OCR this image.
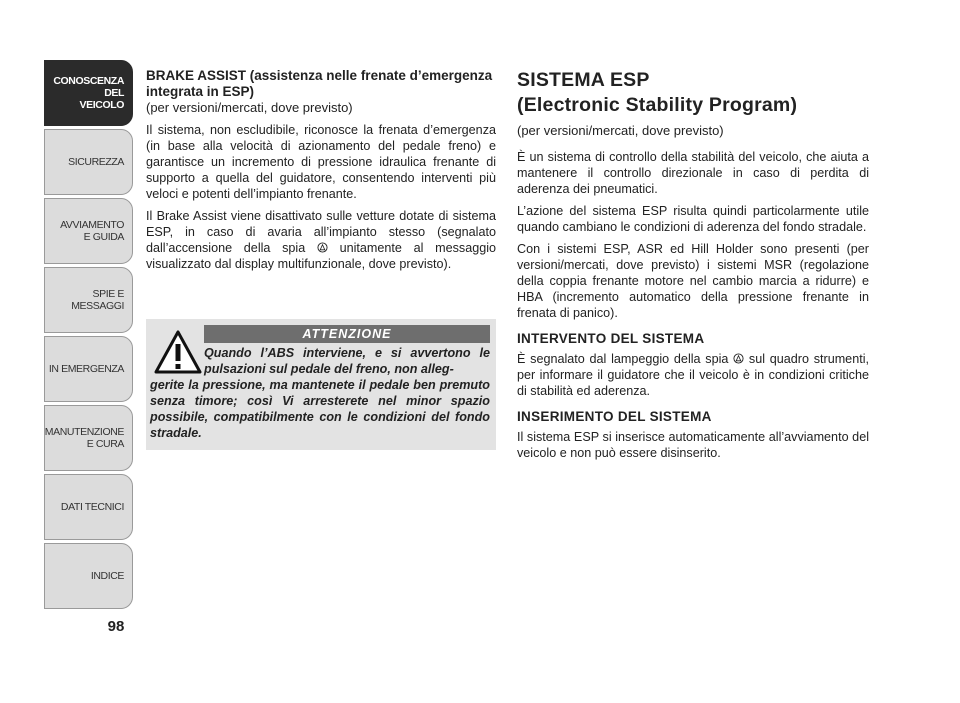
CONOSCENZA
DEL
VEICOLO
SICUREZZA
AVVIAMENTO
E GUIDA
SPIE E
MESSAGGI
IN EMERGENZA
MANUTENZIONE
E CURA
DATI TECNICI
INDICE
98
BRAKE ASSIST (assistenza nelle frenate d’emergenza integrata in ESP)
(per versioni/mercati, dove previsto)

Il sistema, non escludibile, riconosce la frenata d’emergenza (in base alla velocità di azionamento del pedale freno) e garantisce un incremento di pressione idraulica frenante di supporto a quella del guidatore, consentendo interventi più veloci e potenti dell’impianto frenante.

Il Brake Assist viene disattivato sulle vetture dotate di sistema ESP, in caso di avaria all’impianto stesso (segnalato dall’accensione della spia	unitamente al messaggio visualizzato dal display multifunzionale, dove previsto).

ATTENZIONE
Quando l’ABS interviene, e si avvertono le pulsazioni sul pedale del freno, non alleg-
gerite la pressione, ma mantenete il pedale ben premuto senza timore; così Vi arresterete nel minor spazio possibile, compatibilmente con le condizioni del fondo stradale.
SISTEMA ESP
(Electronic Stability Program)
(per versioni/mercati, dove previsto)

È un sistema di controllo della stabilità del veicolo, che aiuta a mantenere il controllo direzionale in caso di perdita di aderenza dei pneumatici.

L’azione del sistema ESP risulta quindi particolarmente utile quando cambiano le condizioni di aderenza del fondo stradale.

Con i sistemi ESP, ASR ed Hill Holder sono presenti (per versioni/mercati, dove previsto) i sistemi MSR (regolazione della coppia frenante motore nel cambio marcia a ridurre) e HBA (incremento automatico della pressione frenante in frenata di panico).

INTERVENTO DEL SISTEMA

È segnalato dal lampeggio della spia sul quadro strumenti, per informare il guidatore che il veicolo è in condizioni critiche di stabilità ed aderenza.

INSERIMENTO DEL SISTEMA

Il sistema ESP si inserisce automaticamente all’avviamento del veicolo e non può essere disinserito.
